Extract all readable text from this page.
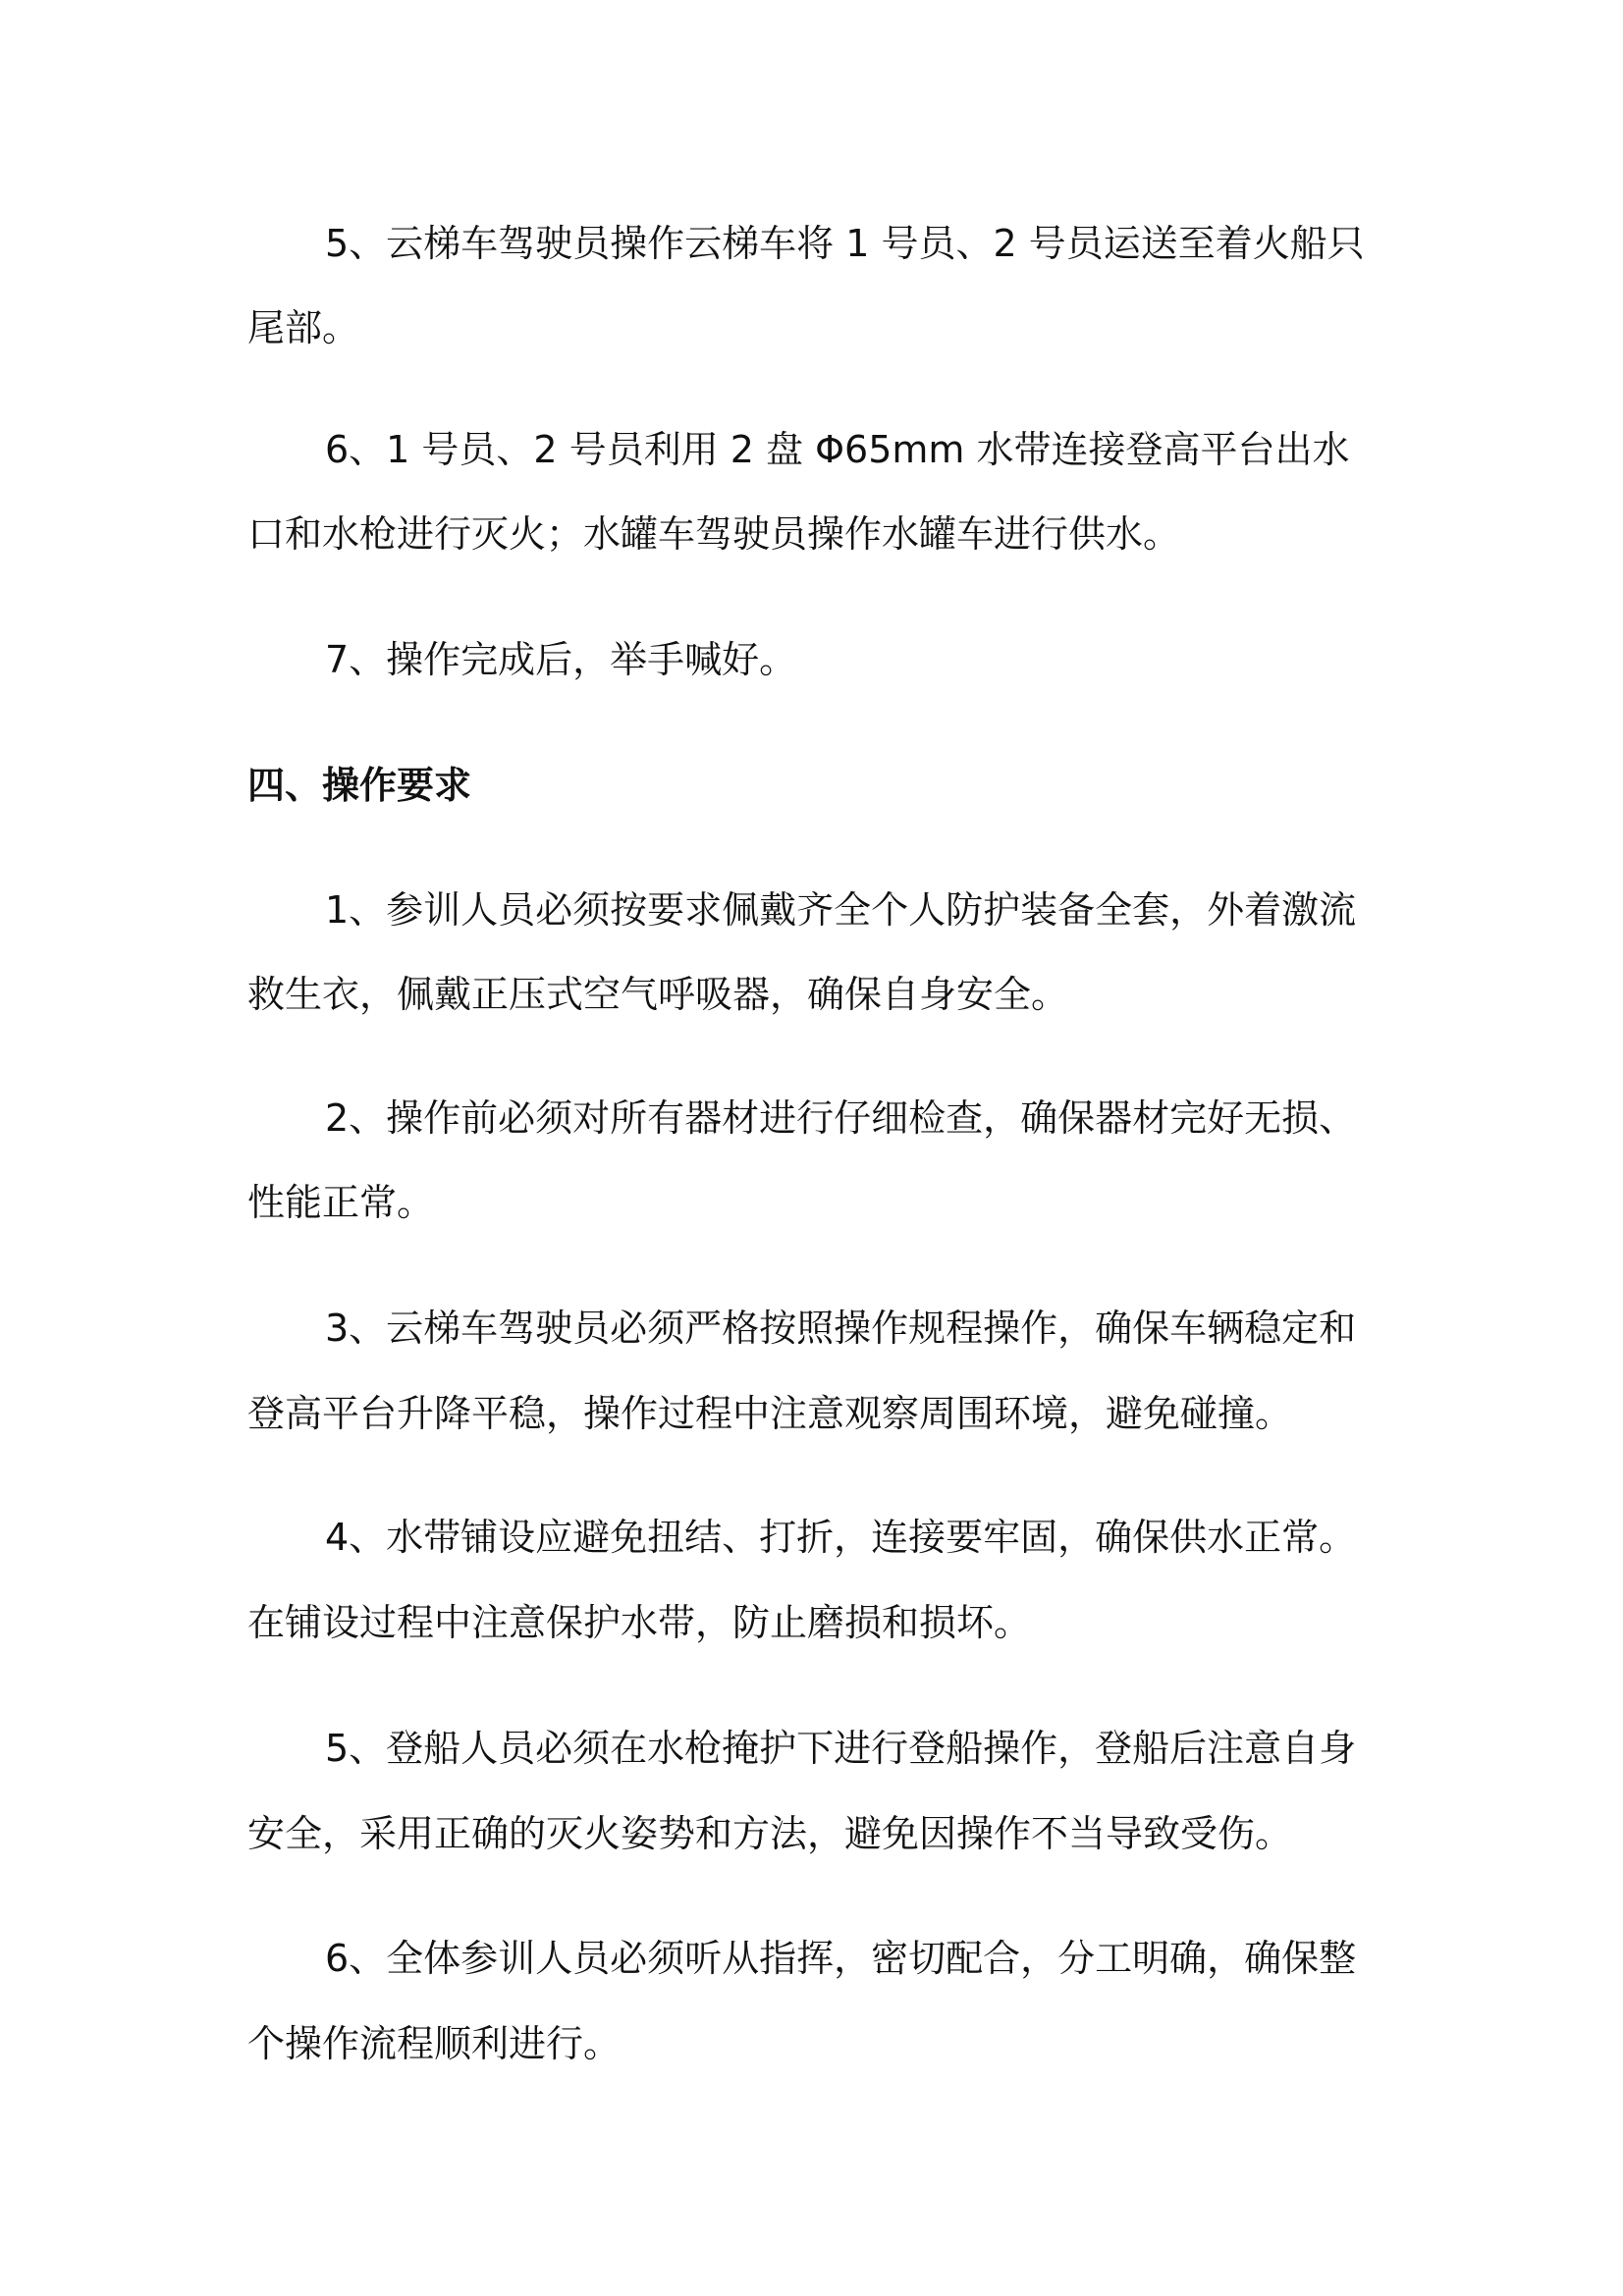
5、云梯车驾驶员操作云梯车将 1 号员、2 号员运送至着火船只
尾部。
6、1 号员、2 号员利用 2 盘 Φ65mm 水带连接登高平台出水
口和水枪进行灭火；水罐车驾驶员操作水罐车进行供水。
7、操作完成后，举手喊好。
四、操作要求
1、参训人员必须按要求佩戴齐全个人防护装备全套，外着激流
救生衣，佩戴正压式空气呼吸器，确保自身安全。
2、操作前必须对所有器材进行仔细检查，确保器材完好无损、
性能正常。
3、云梯车驾驶员必须严格按照操作规程操作，确保车辆稳定和
登高平台升降平稳，操作过程中注意观察周围环境，避免碰撞。
4、水带铺设应避免扭结、打折，连接要牢固，确保供水正常。
在铺设过程中注意保护水带，防止磨损和损坏。
5、登船人员必须在水枪掩护下进行登船操作，登船后注意自身
安全，采用正确的灭火姿势和方法，避免因操作不当导致受伤。
6、全体参训人员必须听从指挥，密切配合，分工明确，确保整
个操作流程顺利进行。
